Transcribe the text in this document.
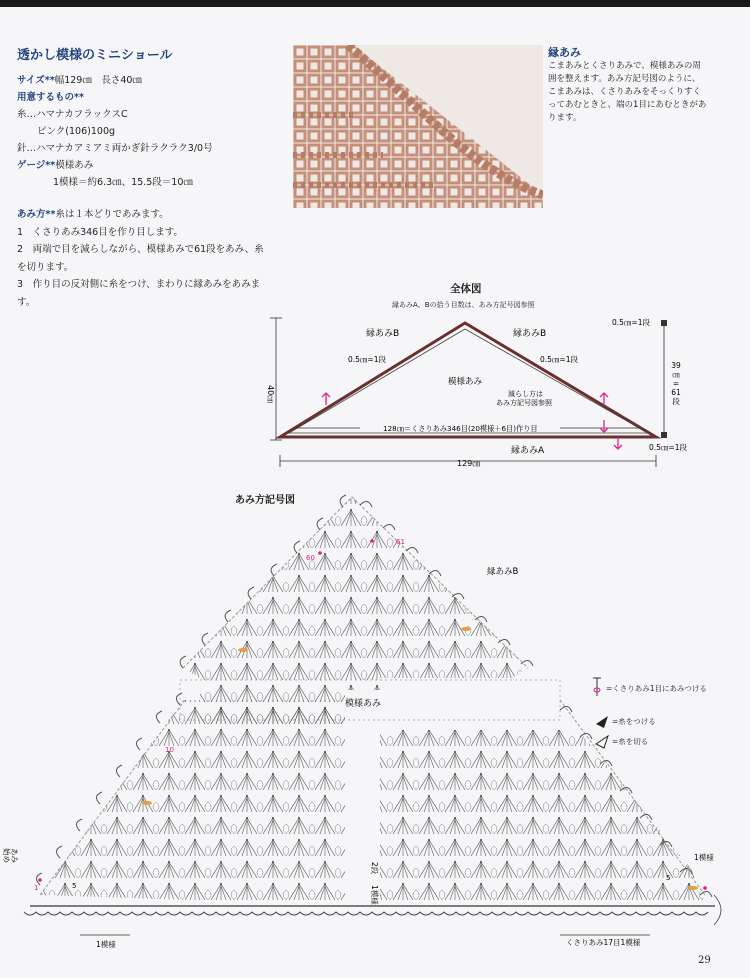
透かし模様のミニショール
サイズ**幅129㎝　長さ40㎝
用意するもの**
糸…ハマナカフラックスC
ピンク(106)100g
針…ハマナカアミアミ両かぎ針ラクラク3/0号
ゲージ**模様あみ
1模様＝約6.3㎝、15.5段＝10㎝
あみ方**糸は１本どりであみます。
1　 くさりあみ346目を作り目します。
2　 両端で目を減らしながら、模様あみで61段をあみ、糸を切ります。
3　 作り目の反対側に糸をつけ、まわりに縁あみをあみます。
縁あみ
こまあみとくさりあみで、模様あみの周囲を整えます。あみ方記号図のように、こまあみは、くさりあみをそっくりすくってあむときと、端の1目にあむときがあります。
全体図
縁あみA、Bの拾う目数は、あみ方記号図参照
縁あみB	縁あみB
縁あみA
0.5㎝=1段	0.5㎝=1段
0.5㎝=1段
0.5㎝=1段
模様あみ
減らし方は
あみ方記号図参照
128㎝＝くさりあみ346目(20模様＋6目)作り目
129㎝
40㎝
39
㎝
=
61
段
模様あみ
縁あみB
61
60
10
5
5
1
あみ
始め
1模様
1模様
2段
1模様
くさりあみ17目1模様
あみ方記号図
=くさりあみ1目にあみつける
=糸をつける
=糸を切る
29
